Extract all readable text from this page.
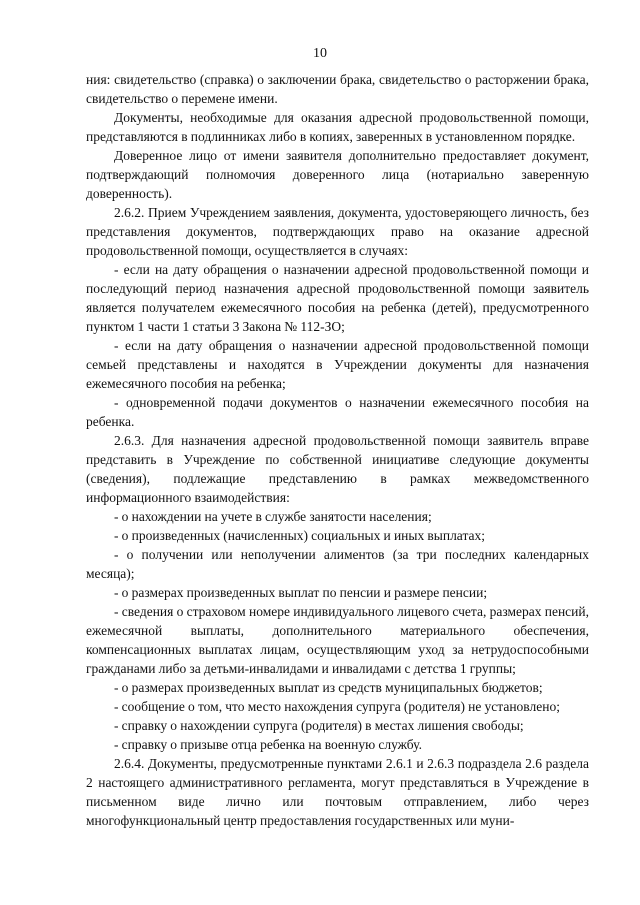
10

ния: свидетельство (справка) о заключении брака, свидетельство о расторжении брака, свидетельство о перемене имени.

Документы, необходимые для оказания адресной продовольственной помощи, представляются в подлинниках либо в копиях, заверенных в установленном порядке.

Доверенное лицо от имени заявителя дополнительно предоставляет документ, подтверждающий полномочия доверенного лица (нотариально заверенную доверенность).

2.6.2. Прием Учреждением заявления, документа, удостоверяющего личность, без представления документов, подтверждающих право на оказание адресной продовольственной помощи, осуществляется в случаях:

- если на дату обращения о назначении адресной продовольственной помощи и последующий период назначения адресной продовольственной помощи заявитель является получателем ежемесячного пособия на ребенка (детей), предусмотренного пунктом 1 части 1 статьи 3 Закона № 112-ЗО;

- если на дату обращения о назначении адресной продовольственной помощи семьей представлены и находятся в Учреждении документы для назначения ежемесячного пособия на ребенка;

- одновременной подачи документов о назначении ежемесячного пособия на ребенка.

2.6.3. Для назначения адресной продовольственной помощи заявитель вправе представить в Учреждение по собственной инициативе следующие документы (сведения), подлежащие представлению в рамках межведомственного информационного взаимодействия:

- о нахождении на учете в службе занятости населения;

- о произведенных (начисленных) социальных и иных выплатах;

- о получении или неполучении алиментов (за три последних календарных месяца);

- о размерах произведенных выплат по пенсии и размере пенсии;

- сведения о страховом номере индивидуального лицевого счета, размерах пенсий, ежемесячной выплаты, дополнительного материального обеспечения, компенсационных выплатах лицам, осуществляющим уход за нетрудоспособными гражданами либо за детьми-инвалидами и инвалидами с детства 1 группы;

- о размерах произведенных выплат из средств муниципальных бюджетов;

- сообщение о том, что место нахождения супруга (родителя) не установлено;

- справку о нахождении супруга (родителя) в местах лишения свободы;

- справку о призыве отца ребенка на военную службу.

2.6.4. Документы, предусмотренные пунктами 2.6.1 и 2.6.3 подраздела 2.6 раздела 2 настоящего административного регламента, могут представляться в Учреждение в письменном виде лично или почтовым отправлением, либо через многофункциональный центр предоставления государственных или муни-
